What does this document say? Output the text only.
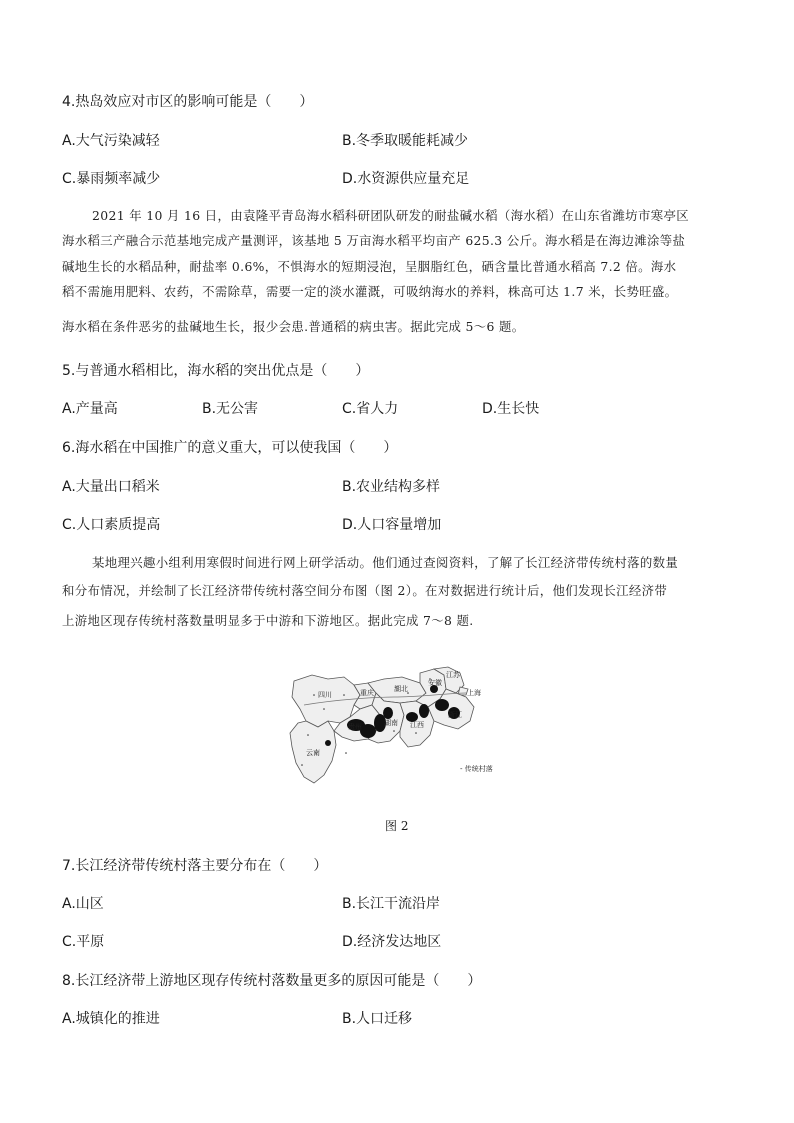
4.热岛效应对市区的影响可能是（　　）
A.大气污染减轻	B.冬季取暖能耗减少
C.暴雨频率减少	D.水资源供应量充足
2021 年 10 月 16 日，由袁隆平青岛海水稻科研团队研发的耐盐碱水稻（海水稻）在山东省潍坊市寒亭区
海水稻三产融合示范基地完成产量测评，该基地 5 万亩海水稻平均亩产 625.3 公斤。海水稻是在海边滩涂等盐
碱地生长的水稻品种，耐盐率 0.6%，不惧海水的短期浸泡，呈胭脂红色，硒含量比普通水稻高 7.2 倍。海水
稻不需施用肥料、农药，不需除草，需要一定的淡水灌溉，可吸纳海水的养料，株高可达 1.7 米，长势旺盛。
海水稻在条件恶劣的盐碱地生长，报少会患.普通稻的病虫害。据此完成 5～6 题。
5.与普通水稻相比，海水稻的突出优点是（　　）
A.产量高	B.无公害	C.省人力	D.生长快
6.海水稻在中国推广的意义重大，可以使我国（　　）
A.大量出口稻米	B.农业结构多样
C.人口素质提高	D.人口容量增加
某地理兴趣小组利用寒假时间进行网上研学活动。他们通过查阅资料，了解了长江经济带传统村落的数量
和分布情况，并绘制了长江经济带传统村落空间分布图（图 2）。在对数据进行统计后，他们发现长江经济带
上游地区现存传统村落数量明显多于中游和下游地区。据此完成 7～8 题.
四川	重庆	湖北
安徽
江苏
上海
贵州	湖南 江西
浙江
云南
- 传统村落
图 2
7.长江经济带传统村落主要分布在（　　）
A.山区	B.长江干流沿岸
C.平原	D.经济发达地区
8.长江经济带上游地区现存传统村落数量更多的原因可能是（　　）
A.城镇化的推进	B.人口迁移
